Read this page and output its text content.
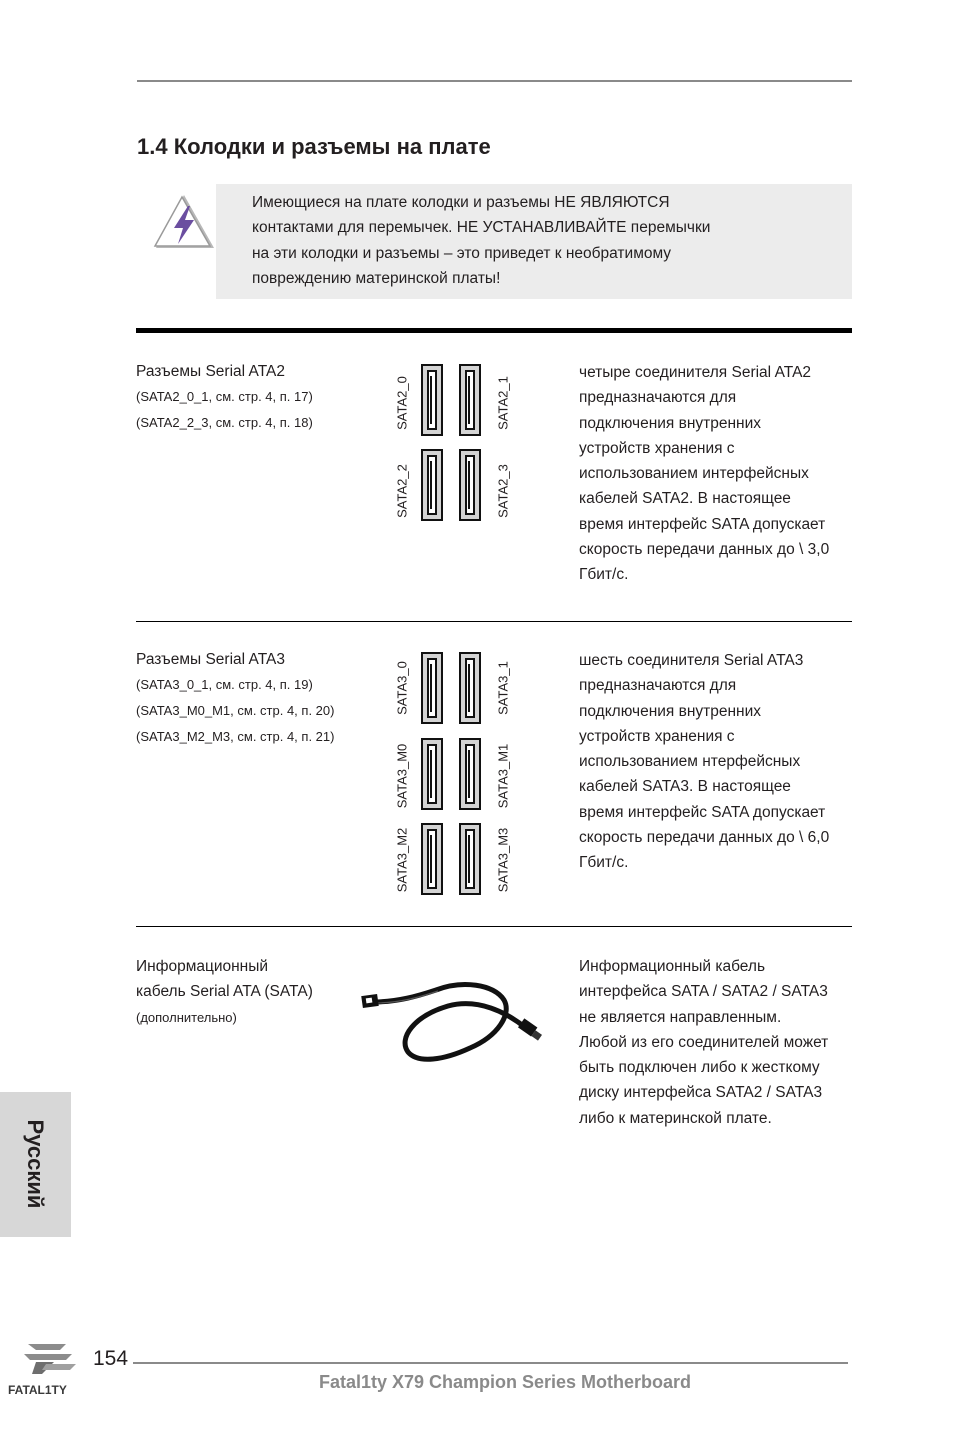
1.4 Колодки и разъемы на плате
Имеющиеся на плате колодки и разъемы НЕ ЯВЛЯЮТСЯ
контактами для перемычек. НЕ УСТАНАВЛИВАЙТЕ перемычки
на эти колодки и разъемы – это приведет к необратимому
повреждению материнской платы!
Разъемы Serial ATA2
(SATA2_0_1, см. стр. 4, п. 17)
(SATA2_2_3, см. стр. 4, п. 18)	SATA2_0	SATA2_1
SATA2_2	SATA2_3
четыре соединителя Serial ATA2
предназначаются для
подключения внутренних
устройств хранения с
использованием интерфейсных
кабелей SATA2. В настоящее
время интерфейс SATA допускает
скорость передачи данных до \ 3,0
Гбит/с.
Разъемы Serial ATA3
(SATA3_0_1, см. стр. 4, п. 19)
(SATA3_M0_M1, см. стр. 4, п. 20)
(SATA3_M2_M3, см. стр. 4, п. 21)
SATA3_0	SATA3_1
SATA3_M0	SATA3_M1
SATA3_M2	SATA3_M3
шесть соединителя Serial ATA3
предназначаются для
подключения внутренних
устройств хранения с
использованием нтерфейсных
кабелей SATA3. В настоящее
время интерфейс SATA допускает
скорость передачи данных до \ 6,0
Гбит/с.
Информационный
кабель Serial ATA (SATA)
(дополнительно)
Информационный кабель
интерфейса SATA / SATA2 / SATA3
не является направленным.
Любой из его соединителей может
быть подключен либо к жесткому
диску интерфейса SATA2 / SATA3
либо к материнской плате.
Русский
FATAL1TY
154
Fatal1ty X79 Champion Series Motherboard
